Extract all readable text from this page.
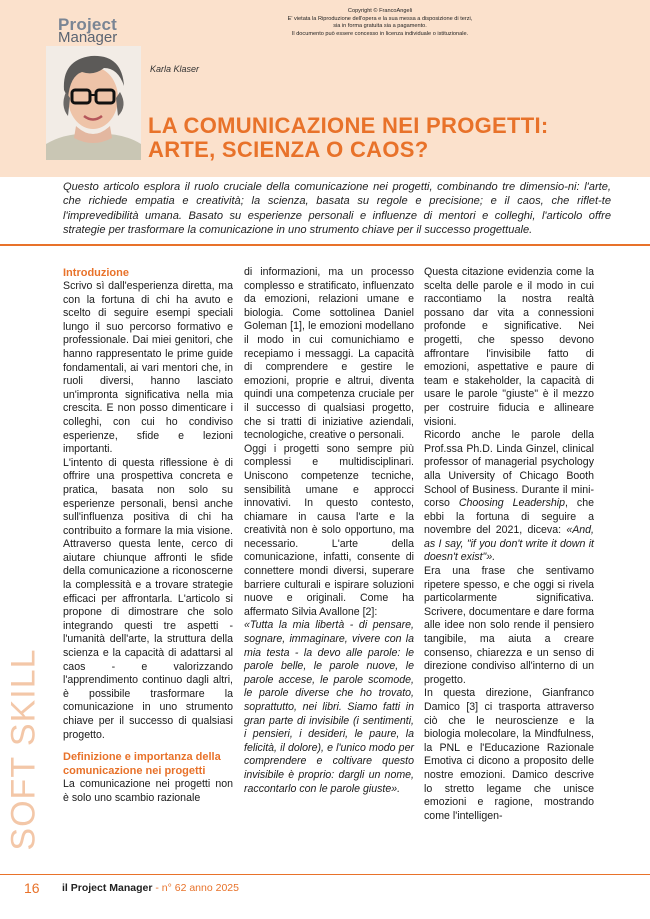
Project
Manager
Copyright © FrancoAngeli
E' vietata la Riproduzione dell'opera e la sua messa a disposizione di terzi,
sia in forma gratuita sia a pagamento.
Il documento può essere concesso in licenza individuale o istituzionale.
Karla Klaser
LA COMUNICAZIONE NEI PROGETTI:
ARTE, SCIENZA O CAOS?
Questo articolo esplora il ruolo cruciale della comunicazione nei progetti, combinando tre dimensio-ni: l'arte, che richiede empatia e creatività; la scienza, basata su regole e precisione; e il caos, che riflet-te l'imprevedibilità umana. Basato su esperienze personali e influenze di mentori e colleghi, l'articolo offre strategie per trasformare la comunicazione in uno strumento chiave per il successo progettuale.
Introduzione

Scrivo sì dall'esperienza diretta, ma con la fortuna di chi ha avuto e scelto di seguire esempi speciali lungo il suo percorso formativo e professionale. Dai miei genitori, che hanno rappresentato le prime guide fondamentali, ai vari mentori che, in ruoli diversi, hanno lasciato un'impronta significativa nella mia crescita. E non posso dimenticare i colleghi, con cui ho condiviso esperienze, sfide e lezioni importanti.

L'intento di questa riflessione è di offrire una prospettiva concreta e pratica, basata non solo su esperienze personali, bensì anche sull'influenza positiva di chi ha contribuito a formare la mia visione. Attraverso questa lente, cerco di aiutare chiunque affronti le sfide della comunicazione a riconoscerne la complessità e a trovare strategie efficaci per affrontarla. L'articolo si propone di dimostrare che solo integrando questi tre aspetti - l'umanità dell'arte, la struttura della scienza e la capacità di adattarsi al caos - e valorizzando l'apprendimento continuo dagli altri, è possibile trasformare la comunicazione in uno strumento chiave per il successo di qualsiasi progetto.

Definizione e importanza della comunicazione nei progetti

La comunicazione nei progetti non è solo uno scambio razionale

di informazioni, ma un processo complesso e stratificato, influenzato da emozioni, relazioni umane e biologia. Come sottolinea Daniel Goleman [1], le emozioni modellano il modo in cui comunichiamo e recepiamo i messaggi. La capacità di comprendere e gestire le emozioni, proprie e altrui, diventa quindi una competenza cruciale per il successo di qualsiasi progetto, che si tratti di iniziative aziendali, tecnologiche, creative o personali.

Oggi i progetti sono sempre più complessi e multidisciplinari. Uniscono competenze tecniche, sensibilità umane e approcci innovativi. In questo contesto, chiamare in causa l'arte e la creatività non è solo opportuno, ma necessario. L'arte della comunicazione, infatti, consente di connettere mondi diversi, superare barriere culturali e ispirare soluzioni nuove e originali. Come ha affermato Silvia Avallone [2]:

«Tutta la mia libertà - di pensare, sognare, immaginare, vivere con la mia testa - la devo alle parole: le parole belle, le parole nuove, le parole accese, le parole scomode, le parole diverse che ho trovato, soprattutto, nei libri. Siamo fatti in gran parte di invisibile (i sentimenti, i pensieri, i desideri, le paure, la felicità, il dolore), e l'unico modo per comprendere e coltivare questo invisibile è proprio: dargli un nome, raccontarlo con le parole giuste».

Questa citazione evidenzia come la scelta delle parole e il modo in cui raccontiamo la nostra realtà possano dar vita a connessioni profonde e significative. Nei progetti, che spesso devono affrontare l'invisibile fatto di emozioni, aspettative e paure di team e stakeholder, la capacità di usare le parole "giuste" è il mezzo per costruire fiducia e allineare visioni.

Ricordo anche le parole della Prof.ssa Ph.D. Linda Ginzel, clinical professor of managerial psychology alla University of Chicago Booth School of Business. Durante il mini-corso Choosing Leadership, che ebbi la fortuna di seguire a novembre del 2021, diceva: «And, as I say, "if you don't write it down it doesn't exist"».

Era una frase che sentivamo ripetere spesso, e che oggi si rivela particolarmente significativa. Scrivere, documentare e dare forma alle idee non solo rende il pensiero tangibile, ma aiuta a creare consenso, chiarezza e un senso di direzione condiviso all'interno di un progetto.

In questa direzione, Gianfranco Damico [3] ci trasporta attraverso ciò che le neuroscienze e la biologia molecolare, la Mindfulness, la PNL e l'Educazione Razionale Emotiva ci dicono a proposito delle nostre emozioni. Damico descrive lo stretto legame che unisce emozioni e ragione, mostrando come l'intelligen-

SOFT SKILL
16 il Project Manager - n° 62 anno 2025
